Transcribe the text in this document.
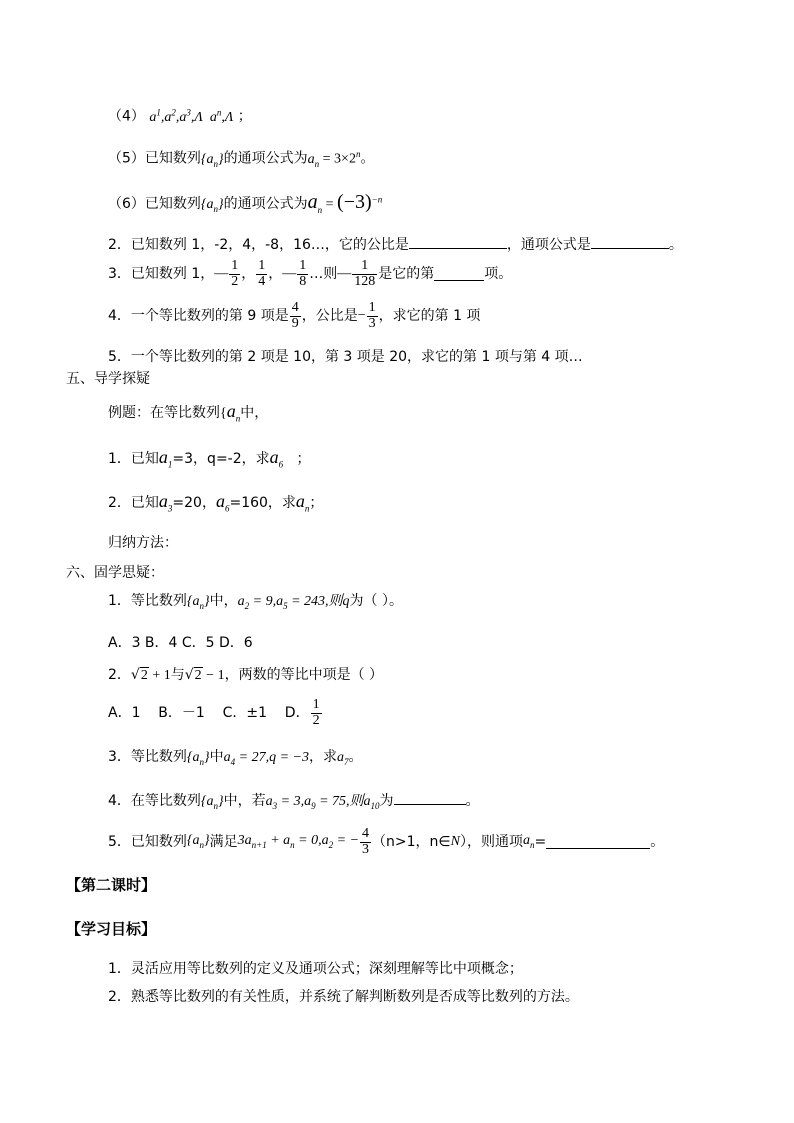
（4） $a^1,a^2,a^3,\Lambda$  $a^n,\Lambda$ ；
（5）已知数列$\{a_n\}$的通项公式为$a_n = 3\times 2^n$。
（6）已知数列$\{a_n\}$的通项公式为$a_n = (-3)^{-n}$
2．已知数列 1，-2，4，-8，16…，它的公比是	，通项公式是	。
3．已知数列 1， — $\frac{1}{2}$ ， $\frac{1}{4}$ ， — $\frac{1}{8}$ …则 — $\frac{1}{128}$ 是它的第	项。
4．一个等比数列的第 9 项是 $\frac{4}{9}$ ，公比是 − $\frac{1}{3}$ ，求它的第 1 项
5．一个等比数列的第 2 项是 10，第 3 项是 20，求它的第 1 项与第 4 项…
五、导学探疑
例题：在等比数列{$a_n$中，
1．已知$a_1=3$，q=-2，求$a_6$ ；
2．已知$a_3=20$，$a_6=160$，求$a_n$；
归纳方法：
六、固学思疑：
1．等比数列$\{a_n\}$中，$a_2 = 9,a_5 = 243$,则q为（ ）。
A．3 B．4 C．5 D．6
2．√2 + 1与√2 − 1，两数的等比中项是（ ）
A．1    B．－1    C．±1    D． $\frac{1}{2}$
3．等比数列$\{a_n\}$中$a_4 = 27,q = -3$，求$a_7$。
4．在等比数列$\{a_n\}$中，若$a_3 = 3,a_9 = 75$,则$a_{10}$为	。
5．已知数列 $\{a_n\}$ 满足 $3a_{n+1} + a_n = 0,a_2$ = − $\frac{4}{3} (n>1$，n∈ N ），则通项 $a_n$ =	。
【第二课时】
【学习目标】
1．灵活应用等比数列的定义及通项公式；深刻理解等比中项概念；
2．熟悉等比数列的有关性质，并系统了解判断数列是否成等比数列的方法。
